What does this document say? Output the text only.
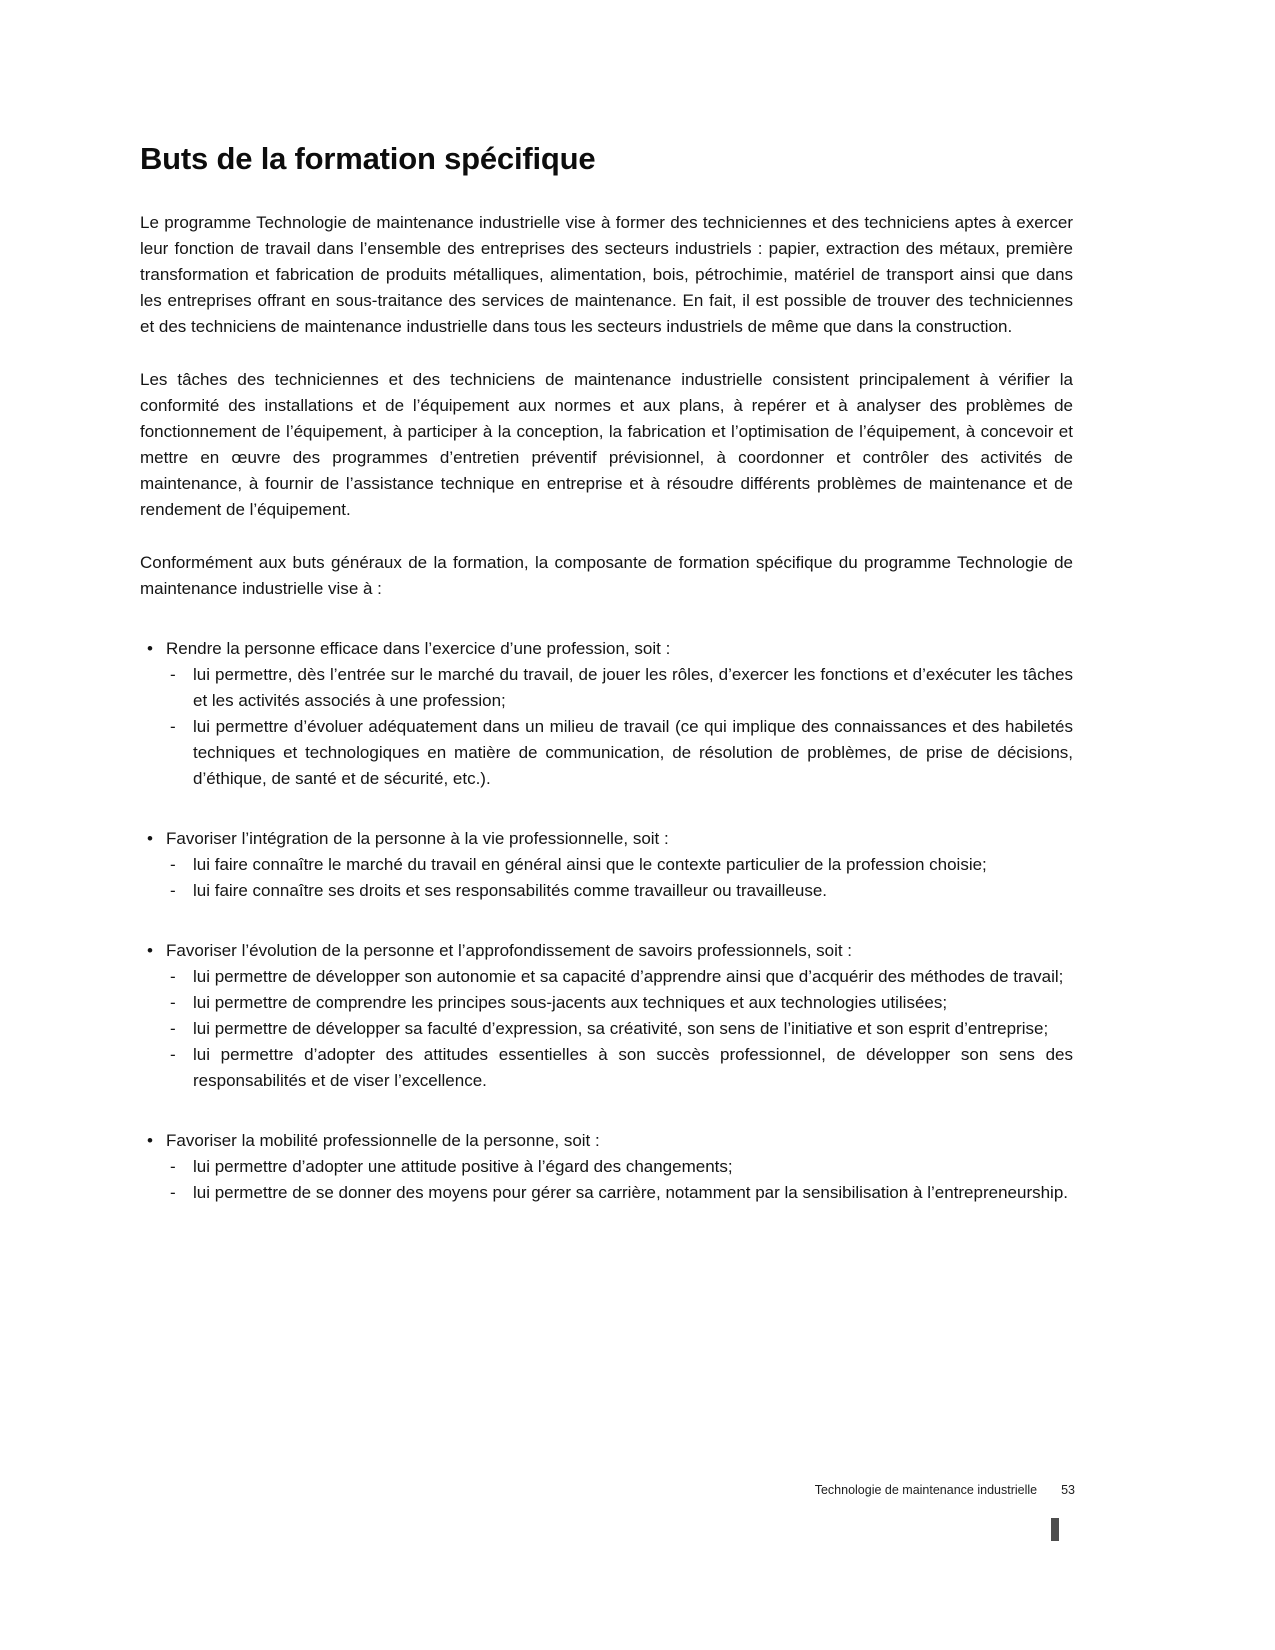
Buts de la formation spécifique

Le programme Technologie de maintenance industrielle vise à former des techniciennes et des techniciens aptes à exercer leur fonction de travail dans l’ensemble des entreprises des secteurs industriels : papier, extraction des métaux, première transformation et fabrication de produits métalliques, alimentation, bois, pétrochimie, matériel de transport ainsi que dans les entreprises offrant en sous-traitance des services de maintenance. En fait, il est possible de trouver des techniciennes et des techniciens de maintenance industrielle dans tous les secteurs industriels de même que dans la construction.

Les tâches des techniciennes et des techniciens de maintenance industrielle consistent principalement à vérifier la conformité des installations et de l’équipement aux normes et aux plans, à repérer et à analyser des problèmes de fonctionnement de l’équipement, à participer à la conception, la fabrication et l’optimisation de l’équipement, à concevoir et mettre en œuvre des programmes d’entretien préventif prévisionnel, à coordonner et contrôler des activités de maintenance, à fournir de l’assistance technique en entreprise et à résoudre différents problèmes de maintenance et de rendement de l’équipement.

Conformément aux buts généraux de la formation, la composante de formation spécifique du programme Technologie de maintenance industrielle vise à :

• Rendre la personne efficace dans l’exercice d’une profession, soit :
-	lui permettre, dès l’entrée sur le marché du travail, de jouer les rôles, d’exercer les fonctions et d’exécuter les tâches et les activités associés à une profession;
-	lui permettre d’évoluer adéquatement dans un milieu de travail (ce qui implique des connaissances et des habiletés techniques et technologiques en matière de communication, de résolution de problèmes, de prise de décisions, d’éthique, de santé et de sécurité, etc.).
• Favoriser l’intégration de la personne à la vie professionnelle, soit :
-	lui faire connaître le marché du travail en général ainsi que le contexte particulier de la profession choisie;
-	lui faire connaître ses droits et ses responsabilités comme travailleur ou travailleuse.
• Favoriser l’évolution de la personne et l’approfondissement de savoirs professionnels, soit :
-	lui permettre de développer son autonomie et sa capacité d’apprendre ainsi que d’acquérir des méthodes de travail;
-	lui permettre de comprendre les principes sous-jacents aux techniques et aux technologies utilisées;
-	lui permettre de développer sa faculté d’expression, sa créativité, son sens de l’initiative et son esprit d’entreprise;
-	lui permettre d’adopter des attitudes essentielles à son succès professionnel, de développer son sens des responsabilités et de viser l’excellence.
• Favoriser la mobilité professionnelle de la personne, soit :
-	lui permettre d’adopter une attitude positive à l’égard des changements;
-	lui permettre de se donner des moyens pour gérer sa carrière, notamment par la sensibilisation à l’entrepreneurship.
Technologie de maintenance industrielle 53
